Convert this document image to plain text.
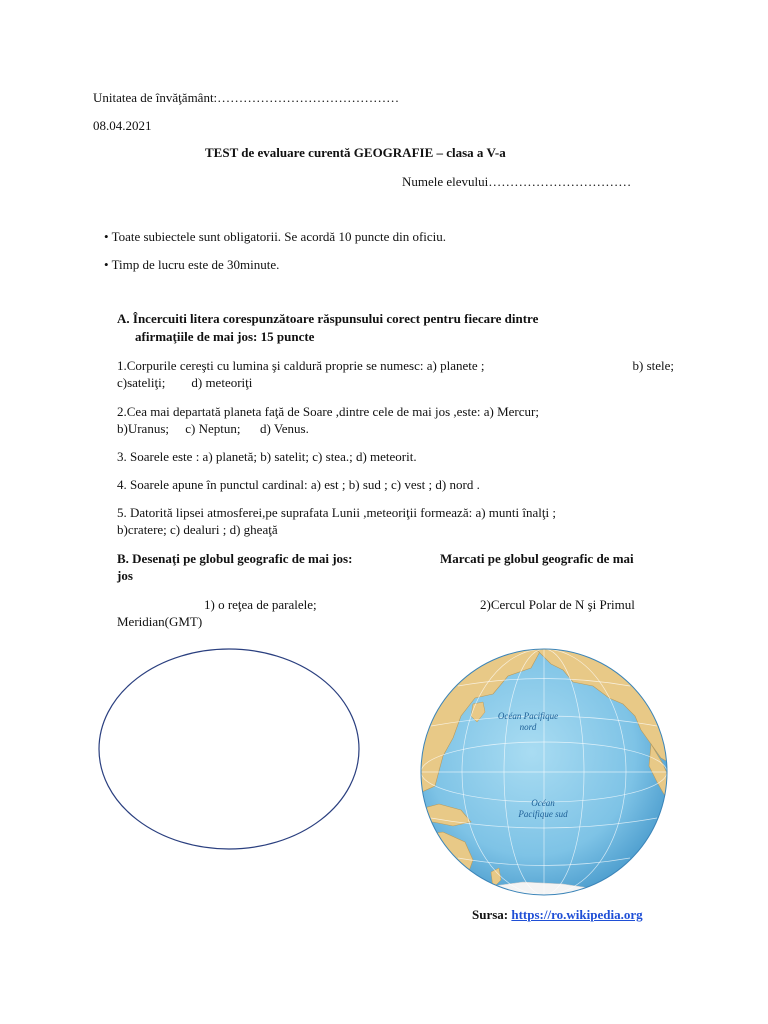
Unitatea de învăţământ:……………………………………
08.04.2021
TEST de evaluare curentă GEOGRAFIE – clasa a V-a
Numele elevului……………………………
• Toate subiectele sunt obligatorii. Se acordă 10 puncte din oficiu.
• Timp de lucru este de 30minute.
A. Încercuiti litera corespunzătoare răspunsului corect pentru fiecare dintre
afirmaţiile de mai jos: 15 puncte
1.Corpurile cereşti cu lumina şi caldură proprie se numesc: a) planete ;	b) stele;
c)sateliţi;        d) meteoriţi
2.Cea mai departată planeta faţă de Soare ,dintre cele de mai jos ,este: a) Mercur;
b)Uranus;     c) Neptun;      d) Venus.
3. Soarele este : a) planetă; b) satelit; c) stea.; d) meteorit.
4. Soarele apune în punctul cardinal: a) est ; b) sud ; c) vest ; d) nord .
5. Datorită lipsei atmosferei,pe suprafata Lunii ,meteoriţii formează: a) munti înalţi ;
b)cratere; c) dealuri ; d) gheaţă
B. Desenaţi pe globul geografic de mai jos:	Marcati pe globul geografic de mai
jos
1) o reţea de paralele;	2)Cercul Polar de N şi Primul
Meridian(GMT)
Océan Pacifique
nord
Océan
Pacifique sud
Sursa: https://ro.wikipedia.org
